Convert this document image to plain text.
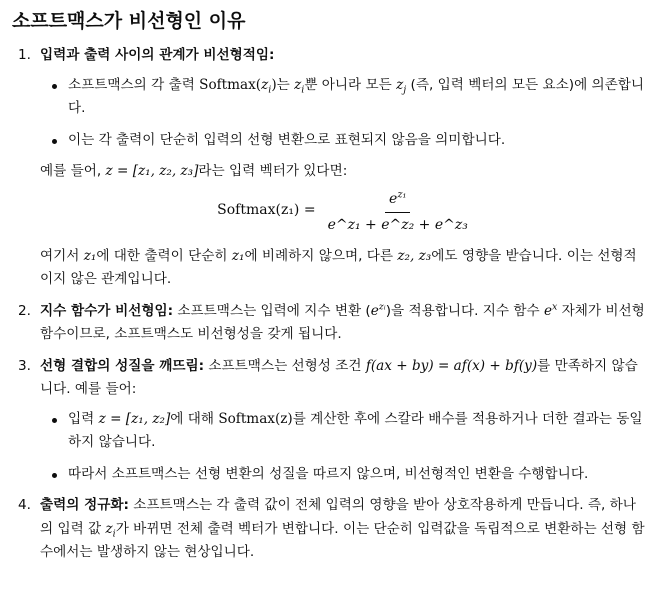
소프트맥스가 비선형인 이유
1. 입력과 출력 사이의 관계가 비선형적임:
소프트맥스의 각 출력 $Softmax(z_i)$는 $z_i$뿐 아니라 모든 $z_j$ (즉, 입력 벡터의 모든 요소)에 의존합니다.
이는 각 출력이 단순히 입력의 선형 변환으로 표현되지 않음을 의미합니다.

예를 들어, z = [z₁, z₂, z₃]라는 입력 벡터가 있다면:

Softmax(z₁) = $\frac{e^{z_1}}{\text{e\textasciicircum{}z₁ + e\textasciicircum{}z₂ + e\textasciicircum{}z₃}}$

여기서 z₁에 대한 출력이 단순히 z₁에 비례하지 않으며, 다른 z₂, z₃에도 영향을 받습니다. 이는 선형적이지 않은 관계입니다.

2. 지수 함수가 비선형임: 소프트맥스는 입력에 지수 변환 $(e^{zᵢ})$을 적용합니다. 지수 함수 $e^x$ 자체가 비선형 함수이므로, 소프트맥스도 비선형성을 갖게 됩니다.
3. 선형 결합의 성질을 깨뜨림: 소프트맥스는 선형성 조건 f(ax + by) = af(x) + bf(y)를 만족하지 않습니다. 예를 들어:
입력 z = [z₁, z₂]에 대해 Softmax(z)를 계산한 후에 스칼라 배수를 적용하거나 더한 결과는 동일하지 않습니다.
따라서 소프트맥스는 선형 변환의 성질을 따르지 않으며, 비선형적인 변환을 수행합니다.
4. 출력의 정규화: 소프트맥스는 각 출력 값이 전체 입력의 영향을 받아 상호작용하게 만듭니다. 즉, 하나의 입력 값 $z_i$가 바뀌면 전체 출력 벡터가 변합니다. 이는 단순히 입력값을 독립적으로 변환하는 선형 함수에서는 발생하지 않는 현상입니다.
